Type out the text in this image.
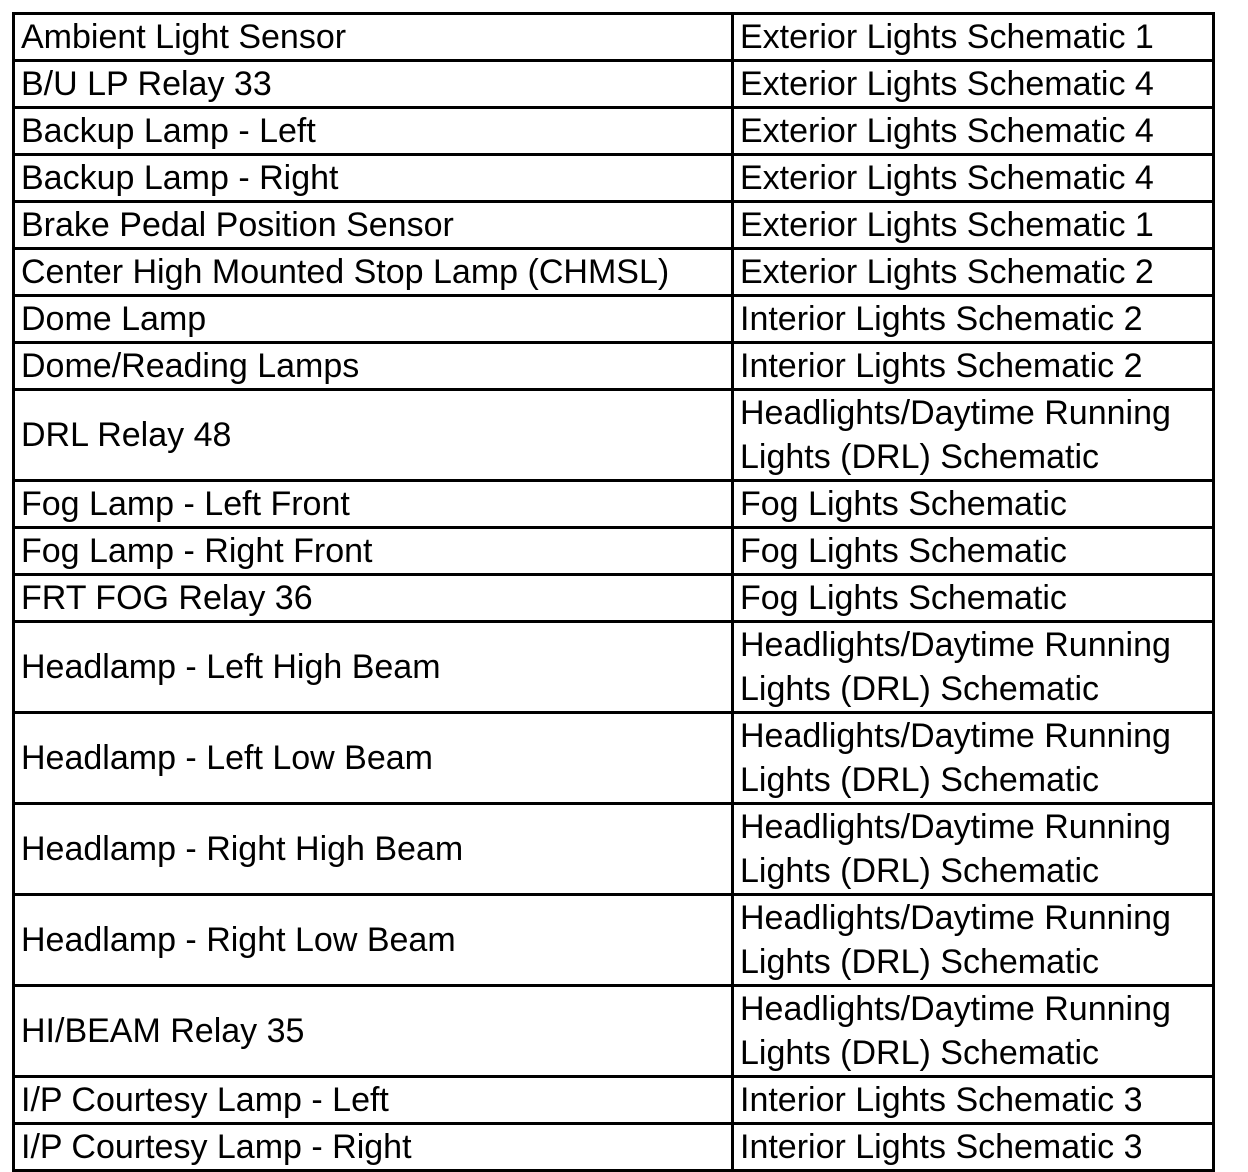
Ambient Light Sensor	Exterior Lights Schematic 1
B/U LP Relay 33	Exterior Lights Schematic 4
Backup Lamp - Left	Exterior Lights Schematic 4
Backup Lamp - Right	Exterior Lights Schematic 4
Brake Pedal Position Sensor	Exterior Lights Schematic 1
Center High Mounted Stop Lamp (CHMSL)	Exterior Lights Schematic 2
Dome Lamp	Interior Lights Schematic 2
Dome/Reading Lamps	Interior Lights Schematic 2
DRL Relay 48	Headlights/Daytime Running Lights (DRL) Schematic
Fog Lamp - Left Front	Fog Lights Schematic
Fog Lamp - Right Front	Fog Lights Schematic
FRT FOG Relay 36	Fog Lights Schematic
Headlamp - Left High Beam	Headlights/Daytime Running Lights (DRL) Schematic
Headlamp - Left Low Beam	Headlights/Daytime Running Lights (DRL) Schematic
Headlamp - Right High Beam	Headlights/Daytime Running Lights (DRL) Schematic
Headlamp - Right Low Beam	Headlights/Daytime Running Lights (DRL) Schematic
HI/BEAM Relay 35	Headlights/Daytime Running Lights (DRL) Schematic
I/P Courtesy Lamp - Left	Interior Lights Schematic 3
I/P Courtesy Lamp - Right	Interior Lights Schematic 3
